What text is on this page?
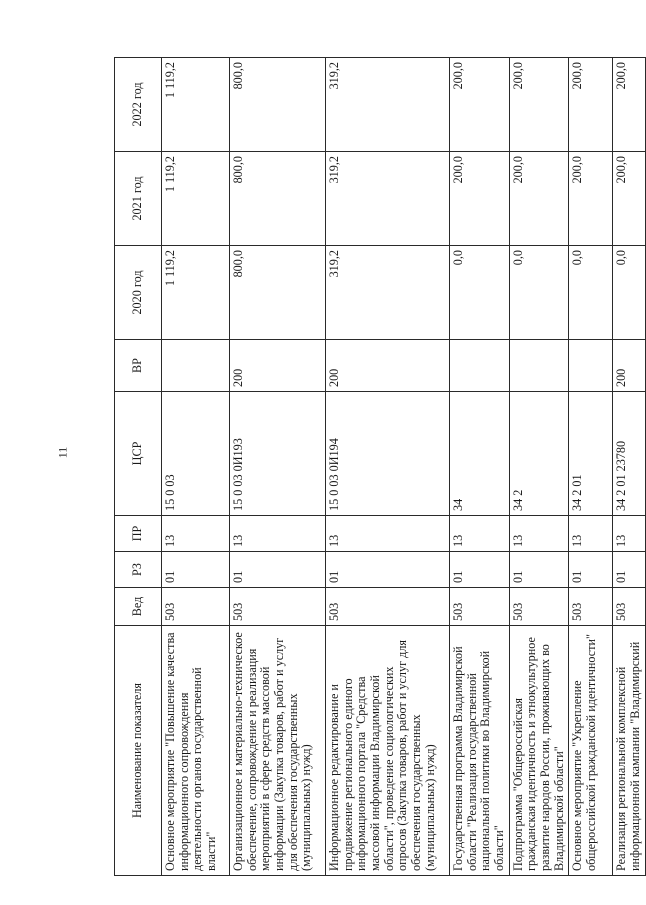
11
Наименование показателя	Вед	РЗ	ПР	ЦСР	ВР	2020 год	2021 год	2022 год
Основное мероприятие "Повышение качества информационного сопровождения деятельности органов государственной власти"	503	01	13	15 0 03		1 119,2	1 119,2	1 119,2
Организационное и материально-техническое обеспечение, сопровождение и реализация мероприятий в сфере средств массовой информации (Закупка товаров, работ и услуг для обеспечения государственных (муниципальных) нужд)	503	01	13	15 0 03 0И193	200	800,0	800,0	800,0
Информационное редактирование и продвижение регионального единого информационного портала "Средства массовой информации Владимирской области", проведение социологических опросов (Закупка товаров, работ и услуг для обеспечения государственных (муниципальных) нужд)	503	01	13	15 0 03 0И194	200	319,2	319,2	319,2
Государственная программа Владимирской области "Реализация государственной национальной политики во Владимирской области"	503	01	13	34		0,0	200,0	200,0
Подпрограмма "Общероссийская гражданская идентичность и этнокультурное развитие народов России, проживающих во Владимирской области"	503	01	13	34 2		0,0	200,0	200,0
Основное мероприятие "Укрепление общероссийской гражданской идентичности"	503	01	13	34 2 01		0,0	200,0	200,0
Реализация региональной комплексной информационной кампании "Владимирский	503	01	13	34 2 01 23780	200	0,0	200,0	200,0
